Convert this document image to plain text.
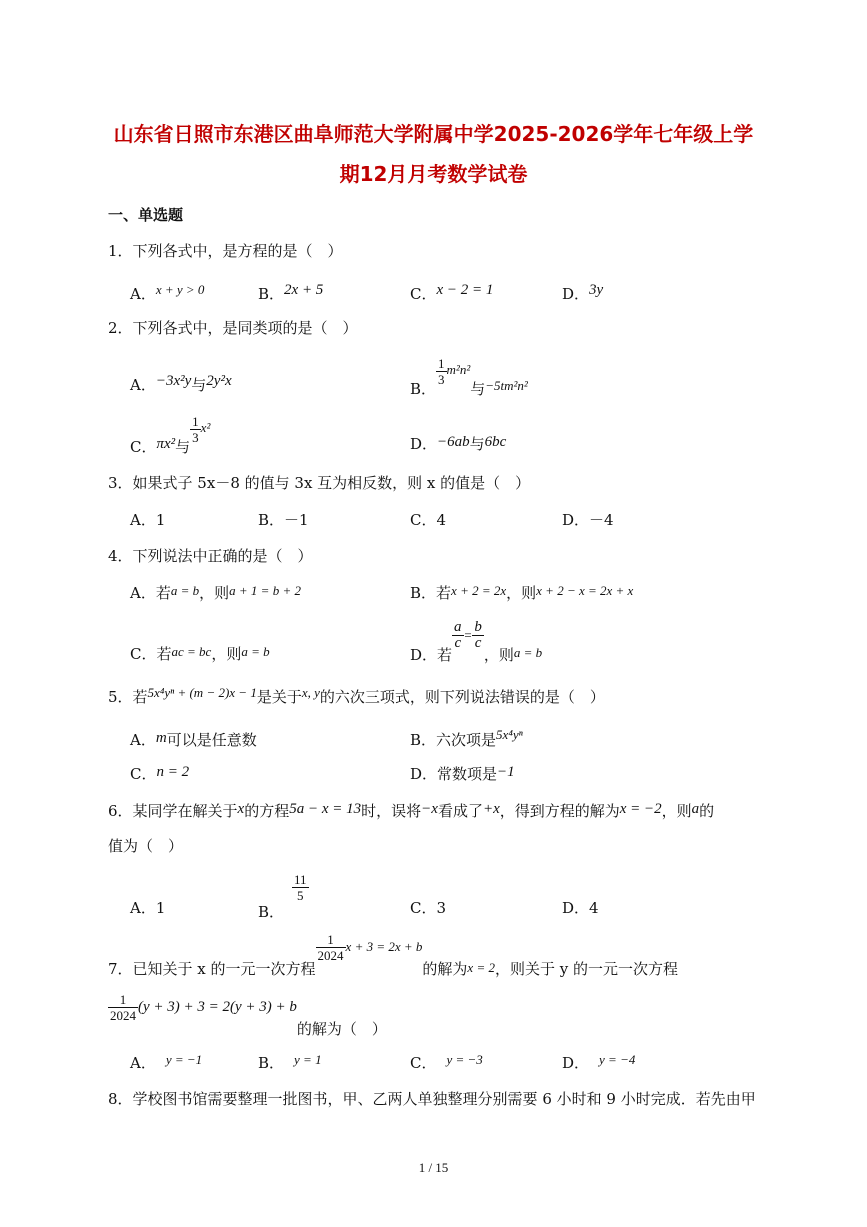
山东省日照市东港区曲阜师范大学附属中学2025-2026学年七年级上学
期12月月考数学试卷
一、单选题
1．下列各式中，是方程的是（　）
A．x + y > 0	B．2x + 5	C．x − 2 = 1	D．3y
2．下列各式中，是同类项的是（　）
A．−3x²y与2y²x	B．
$\frac{1}{3} m^2n^2$与−5tm²n²
C．πx²与
$\frac{1}{3} x^2$
D．−6ab与6bc
3．如果式子 5x－8 的值与 3x 互为相反数，则 x 的值是（　）
A．1	B．－1	C．4	D．－4
4．下列说法中正确的是（　）
A．若a = b，则a + 1 = b + 2	B．若x + 2 = 2x，则x + 2 − x = 2x + x
C．若ac = bc，则a = b	D．若
$\frac{a}{c} = \frac{b}{c}$
，则a = b
5．若5x⁴yⁿ + (m − 2)x − 1是关于x, y的六次三项式，则下列说法错误的是（　）
A．m可以是任意数	B．六次项是5x⁴yⁿ
C．n = 2	D．常数项是−1
6．某同学在解关于x的方程5a − x = 13时，误将−x看成了+x，得到方程的解为x = −2，则a的
值为（　）
A．1	B．
$\frac{11}{5}$
C．3	D．4
7．已知关于 x 的一元一次方程
$\frac{1}{2024}$ x + 3 = 2x + b的解为x = 2，则关于 y 的一元一次方程
$\frac{1}{2024} (y + 3) + 3 = 2(y + 3) + b$的解为（　）
A． y = −1	B． y = 1	C． y = −3	D． y = −4
8．学校图书馆需要整理一批图书，甲、乙两人单独整理分别需要 6 小时和 9 小时完成．若先由甲
1 / 15
